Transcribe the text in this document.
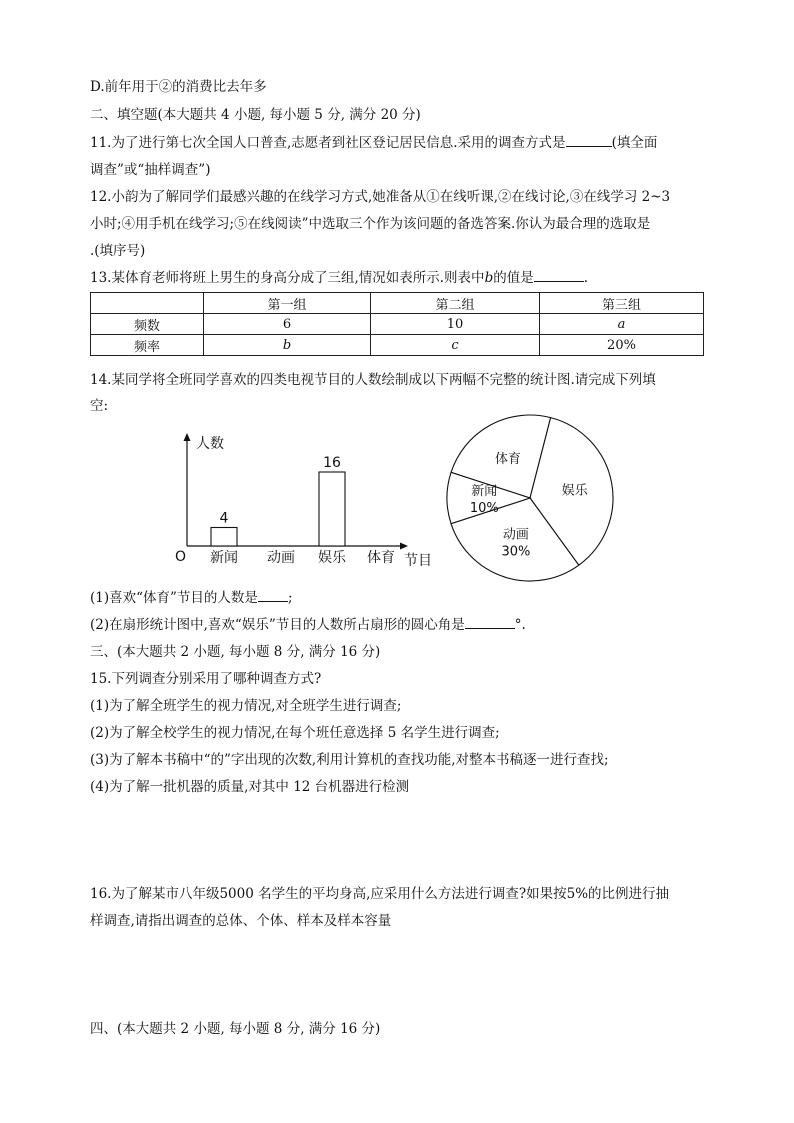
D.前年用于②的消费比去年多
二、填空题(本大题共 4 小题, 每小题 5 分, 满分 20 分)
11.为了进行第七次全国人口普查,志愿者到社区登记居民信息.采用的调查方式是	(填全面
调查”或“抽样调查”)
12.小韵为了解同学们最感兴趣的在线学习方式,她准备从①在线听课,②在线讨论,③在线学习 2~3
小时;④用手机在线学习;⑤在线阅读”中选取三个作为该问题的备选答案.你认为最合理的选取是
.(填序号)
13.某体育老师将班上男生的身高分成了三组,情况如表所示.则表中b的值是	.
	第一组	第二组	第三组
频数	6	10	a
频率	b	c	20%
14.某同学将全班同学喜欢的四类电视节目的人数绘制成以下两幅不完整的统计图.请完成下列填
空:
人数
节目
O
4
新闻 动画
16
娱乐 体育
新闻
10%
动画
30%
娱乐
体育
(1)喜欢“体育”节目的人数是 ;
(2)在扇形统计图中,喜欢“娱乐”节目的人数所占扇形的圆心角是	°.
三、(本大题共 2 小题, 每小题 8 分, 满分 16 分)
15.下列调查分别采用了哪种调查方式?
(1)为了解全班学生的视力情况,对全班学生进行调查;
(2)为了解全校学生的视力情况,在每个班任意选择 5 名学生进行调查;
(3)为了解本书稿中“的”字出现的次数,利用计算机的查找功能,对整本书稿逐一进行查找;
(4)为了解一批机器的质量,对其中 12 台机器进行检测
16.为了解某市八年级5000 名学生的平均身高,应采用什么方法进行调查?如果按5%的比例进行抽
样调查,请指出调查的总体、个体、样本及样本容量
四、(本大题共 2 小题, 每小题 8 分, 满分 16 分)
